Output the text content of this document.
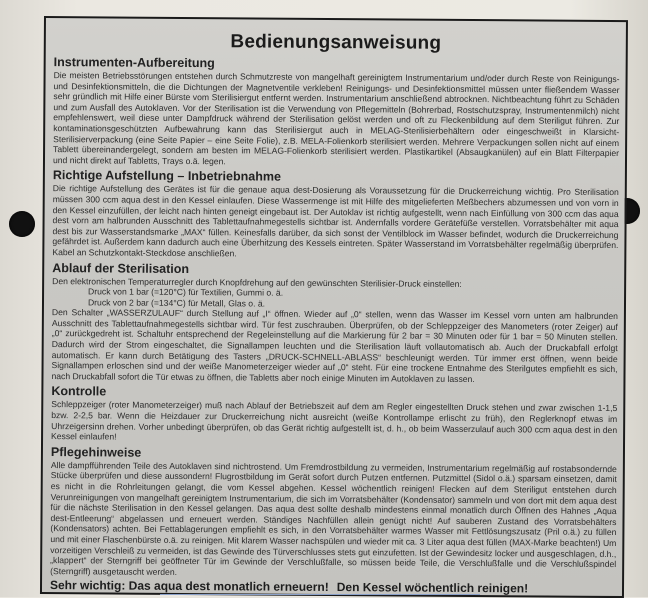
Bedienungsanweisung
Instrumenten-Aufbereitung

Die meisten Betriebsstörungen entstehen durch Schmutzreste von mangelhaft gereinigtem Instrumentarium und/oder durch Reste von Reinigungs- und Desinfektionsmitteln, die die Dichtungen der Magnetventile verkleben! Reinigungs- und Desinfektionsmittel müssen unter fließendem Wasser sehr gründlich mit Hilfe einer Bürste vom Sterilisiergut entfernt werden. Instrumentarium anschließend abtrocknen. Nichtbeachtung führt zu Schäden und zum Ausfall des Autoklaven. Vor der Sterilisation ist die Verwendung von Pflegemitteln (Bohrerbad, Rostschutzspray, Instrumentenmilch) nicht empfehlenswert, weil diese unter Dampfdruck während der Sterilisation gelöst werden und oft zu Fleckenbildung auf dem Steriligut führen. Zur kontaminationsgeschützten Aufbewahrung kann das Sterilisiergut auch in MELAG-Sterilisierbehältern oder eingeschweißt in Klarsicht-Sterilisierverpackung (eine Seite Papier – eine Seite Folie), z.B. MELA-Folienkorb sterilisiert werden. Mehrere Verpackungen sollen nicht auf einem Tablett übereinandergelegt, sondern am besten im MELAG-Folienkorb sterilisiert werden. Plastikartikel (Absaugkanülen) auf ein Blatt Filterpapier und nicht direkt auf Tabletts, Trays o.ä. legen.

Richtige Aufstellung – Inbetriebnahme

Die richtige Aufstellung des Gerätes ist für die genaue aqua dest-Dosierung als Voraussetzung für die Druckerreichung wichtig. Pro Sterilisation müssen 300 ccm aqua dest in den Kessel einlaufen. Diese Wassermenge ist mit Hilfe des mitgelieferten Meßbechers abzumessen und von vorn in den Kessel einzufüllen, der leicht nach hinten geneigt eingebaut ist. Der Autoklav ist richtig aufgestellt, wenn nach Einfüllung von 300 ccm das aqua dest vorn am halbrunden Ausschnitt des Tablettaufnahmegestells sichtbar ist. Andernfalls vordere Gerätefüße verstellen. Vorratsbehälter mit aqua dest bis zur Wasserstandsmarke „MAX“ füllen. Keinesfalls darüber, da sich sonst der Ventilblock im Wasser befindet, wodurch die Druckerreichung gefährdet ist. Außerdem kann dadurch auch eine Überhitzung des Kessels eintreten. Später Wasserstand im Vorratsbehälter regelmäßig überprüfen. Kabel an Schutzkontakt-Steckdose anschließen.

Ablauf der Sterilisation

Den elektronischen Temperaturregler durch Knopfdrehung auf den gewünschten Sterilisier-Druck einstellen:

Druck von 1 bar (=120°C) für Textilien, Gummi o. ä.

Druck von 2 bar (=134°C) für Metall, Glas o. ä.

Den Schalter „WASSERZULAUF“ durch Stellung auf „I“ öffnen. Wieder auf „0“ stellen, wenn das Wasser im Kessel vorn unten am halbrunden Ausschnitt des Tablettaufnahmegestells sichtbar wird. Tür fest zuschrauben. Überprüfen, ob der Schleppzeiger des Manometers (roter Zeiger) auf „0“ zurückgedreht ist. Schaltuhr entsprechend der Regeleinstellung auf die Markierung für 2 bar = 30 Minuten oder für 1 bar = 50 Minuten stellen. Dadurch wird der Strom eingeschaltet, die Signallampen leuchten und die Sterilisation läuft vollautomatisch ab. Auch der Druckabfall erfolgt automatisch. Er kann durch Betätigung des Tasters „DRUCK-SCHNELL-ABLASS“ beschleunigt werden. Tür immer erst öffnen, wenn beide Signallampen erloschen sind und der weiße Manometerzeiger wieder auf „0“ steht. Für eine trockene Entnahme des Sterilgutes empfiehlt es sich, nach Druckabfall sofort die Tür etwas zu öffnen, die Tabletts aber noch einige Minuten im Autoklaven zu lassen.

Kontrolle

Schleppzeiger (roter Manometerzeiger) muß nach Ablauf der Betriebszeit auf dem am Regler eingestellten Druck stehen und zwar zwischen 1-1,5 bzw. 2-2,5 bar. Wenn die Heizdauer zur Druckerreichung nicht ausreicht (weiße Kontrollampe erlischt zu früh), den Reglerknopf etwas im Uhrzeigersinn drehen. Vorher unbedingt überprüfen, ob das Gerät richtig aufgestellt ist, d. h., ob beim Wasserzulauf auch 300 ccm aqua dest in den Kessel einlaufen!

Pflegehinweise

Alle dampfführenden Teile des Autoklaven sind nichtrostend. Um Fremdrostbildung zu vermeiden, Instrumentarium regelmäßig auf rostabsondernde Stücke überprüfen und diese aussondern! Flugrostbildung im Gerät sofort durch Putzen entfernen. Putzmittel (Sidol o.ä.) sparsam einsetzen, damit es nicht in die Rohrleitungen gelangt, die vom Kessel abgehen. Kessel wöchentlich reinigen! Flecken auf dem Steriligut entstehen durch Verunreinigungen von mangelhaft gereinigtem Instrumentarium, die sich im Vorratsbehälter (Kondensator) sammeln und von dort mit dem aqua dest für die nächste Sterilisation in den Kessel gelangen. Das aqua dest sollte deshalb mindestens einmal monatlich durch Öffnen des Hahnes „Aqua dest-Entleerung“ abgelassen und erneuert werden. Ständiges Nachfüllen allein genügt nicht! Auf sauberen Zustand des Vorratsbehälters (Kondensators) achten. Bei Fettablagerungen empfiehlt es sich, in den Vorratsbehälter warmes Wasser mit Fettlösungszusatz (Pril o.ä.) zu füllen und mit einer Flaschenbürste o.ä. zu reinigen. Mit klarem Wasser nachspülen und wieder mit ca. 3 Liter aqua dest füllen (MAX-Marke beachten!) Um vorzeitigen Verschleiß zu vermeiden, ist das Gewinde des Türverschlusses stets gut einzufetten. Ist der Gewindesitz locker und ausgeschlagen, d.h., „klappert“ der Sterngriff bei geöffneter Tür im Gewinde der Verschlußfalle, so müssen beide Teile, die Verschlußfalle und die Verschlußspindel (Sterngriff) ausgetauscht werden.

Sehr wichtig: Das aqua dest monatlich erneuern! Den Kessel wöchentlich reinigen!
